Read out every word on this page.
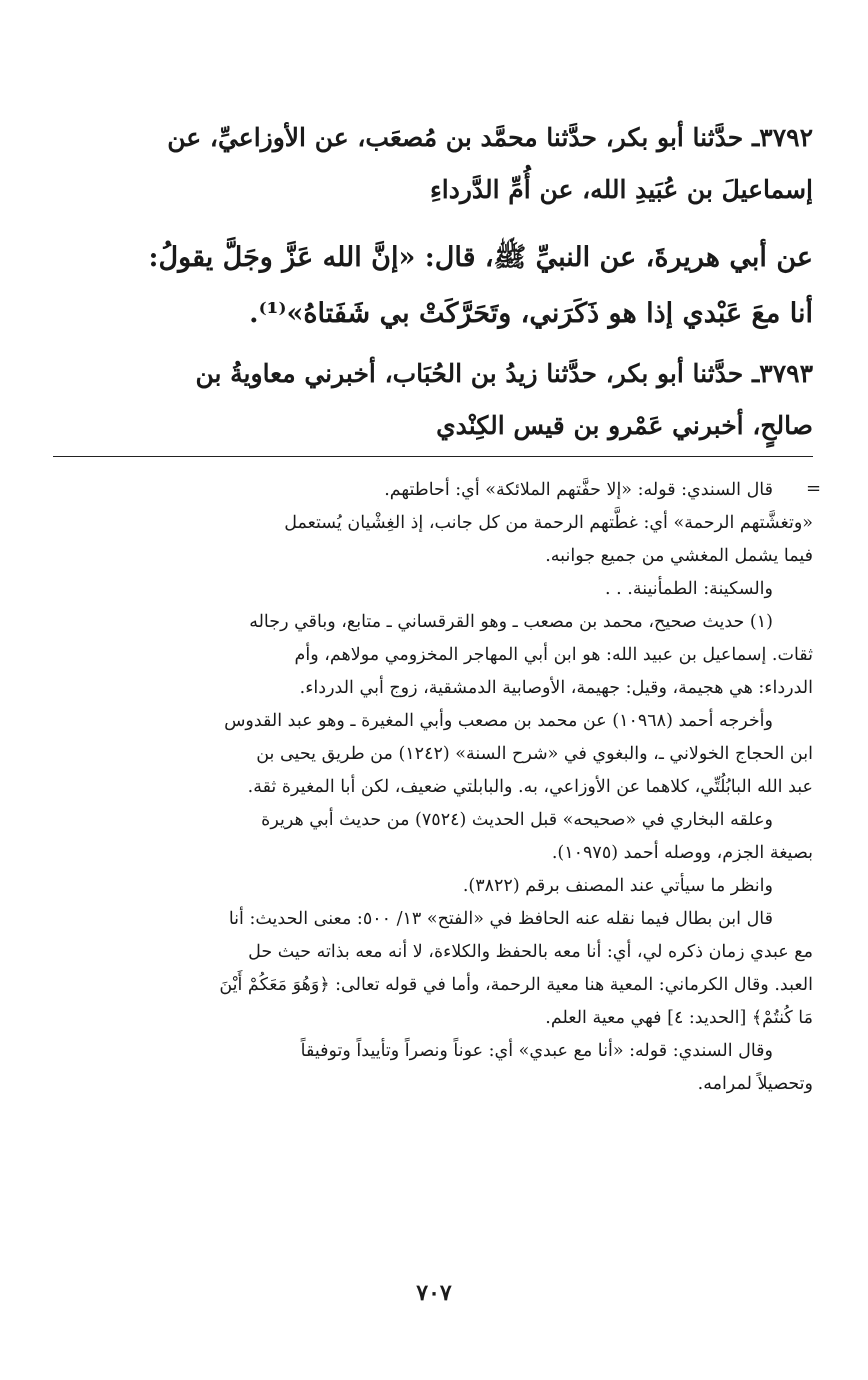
٣٧٩٢ـ حدَّثنا أبو بكر، حدَّثنا محمَّد بن مُصعَب، عن الأوزاعيِّ، عن
إسماعيلَ بن عُبَيدِ الله، عن أُمِّ الدَّرداءِ
عن أبي هريرةَ، عن النبيِّ ﷺ، قال: «إنَّ الله عَزَّ وجَلَّ يقولُ:
أنا معَ عَبْدي إذا هو ذَكَرَني، وتَحَرَّكَتْ بي شَفَتاهُ»⁽¹⁾.
٣٧٩٣ـ حدَّثنا أبو بكر، حدَّثنا زيدُ بن الحُبَاب، أخبرني معاويةُ بن
صالحٍ، أخبرني عَمْرو بن قيس الكِنْدي
=
قال السندي: قوله: «إلا حفَّتهم الملائكة» أي: أحاطتهم.
«وتغشَّتهم الرحمة» أي: غطَّتهم الرحمة من كل جانب، إذ الغِشْيان يُستعمل
فيما يشمل المغشي من جميع جوانبه.
والسكينة: الطمأنينة. . .
(١) حديث صحيح، محمد بن مصعب ـ وهو القرقساني ـ متابع، وباقي رجاله
ثقات. إسماعيل بن عبيد الله: هو ابن أبي المهاجر المخزومي مولاهم، وأم
الدرداء: هي هجيمة، وقيل: جهيمة، الأوصابية الدمشقية، زوج أبي الدرداء.
وأخرجه أحمد (١٠٩٦٨) عن محمد بن مصعب وأبي المغيرة ـ وهو عبد القدوس
ابن الحجاج الخولاني ـ، والبغوي في «شرح السنة» (١٢٤٢) من طريق يحيى بن
عبد الله البابُلُتِّي، كلاهما عن الأوزاعي، به. والبابلتي ضعيف، لكن أبا المغيرة ثقة.
وعلقه البخاري في «صحيحه» قبل الحديث (٧٥٢٤) من حديث أبي هريرة
بصيغة الجزم، ووصله أحمد (١٠٩٧٥).
وانظر ما سيأتي عند المصنف برقم (٣٨٢٢).
قال ابن بطال فيما نقله عنه الحافظ في «الفتح» ١٣/ ٥٠٠: معنى الحديث: أنا
مع عبدي زمان ذكره لي، أي: أنا معه بالحفظ والكلاءة، لا أنه معه بذاته حيث حل
العبد. وقال الكرماني: المعية هنا معية الرحمة، وأما في قوله تعالى: ﴿وَهُوَ مَعَكُمْ أَيْنَ
مَا كُنتُمْ﴾ [الحديد: ٤] فهي معية العلم.
وقال السندي: قوله: «أنا مع عبدي» أي: عوناً ونصراً وتأييداً وتوفيقاً
وتحصيلاً لمرامه.
٧٠٧
